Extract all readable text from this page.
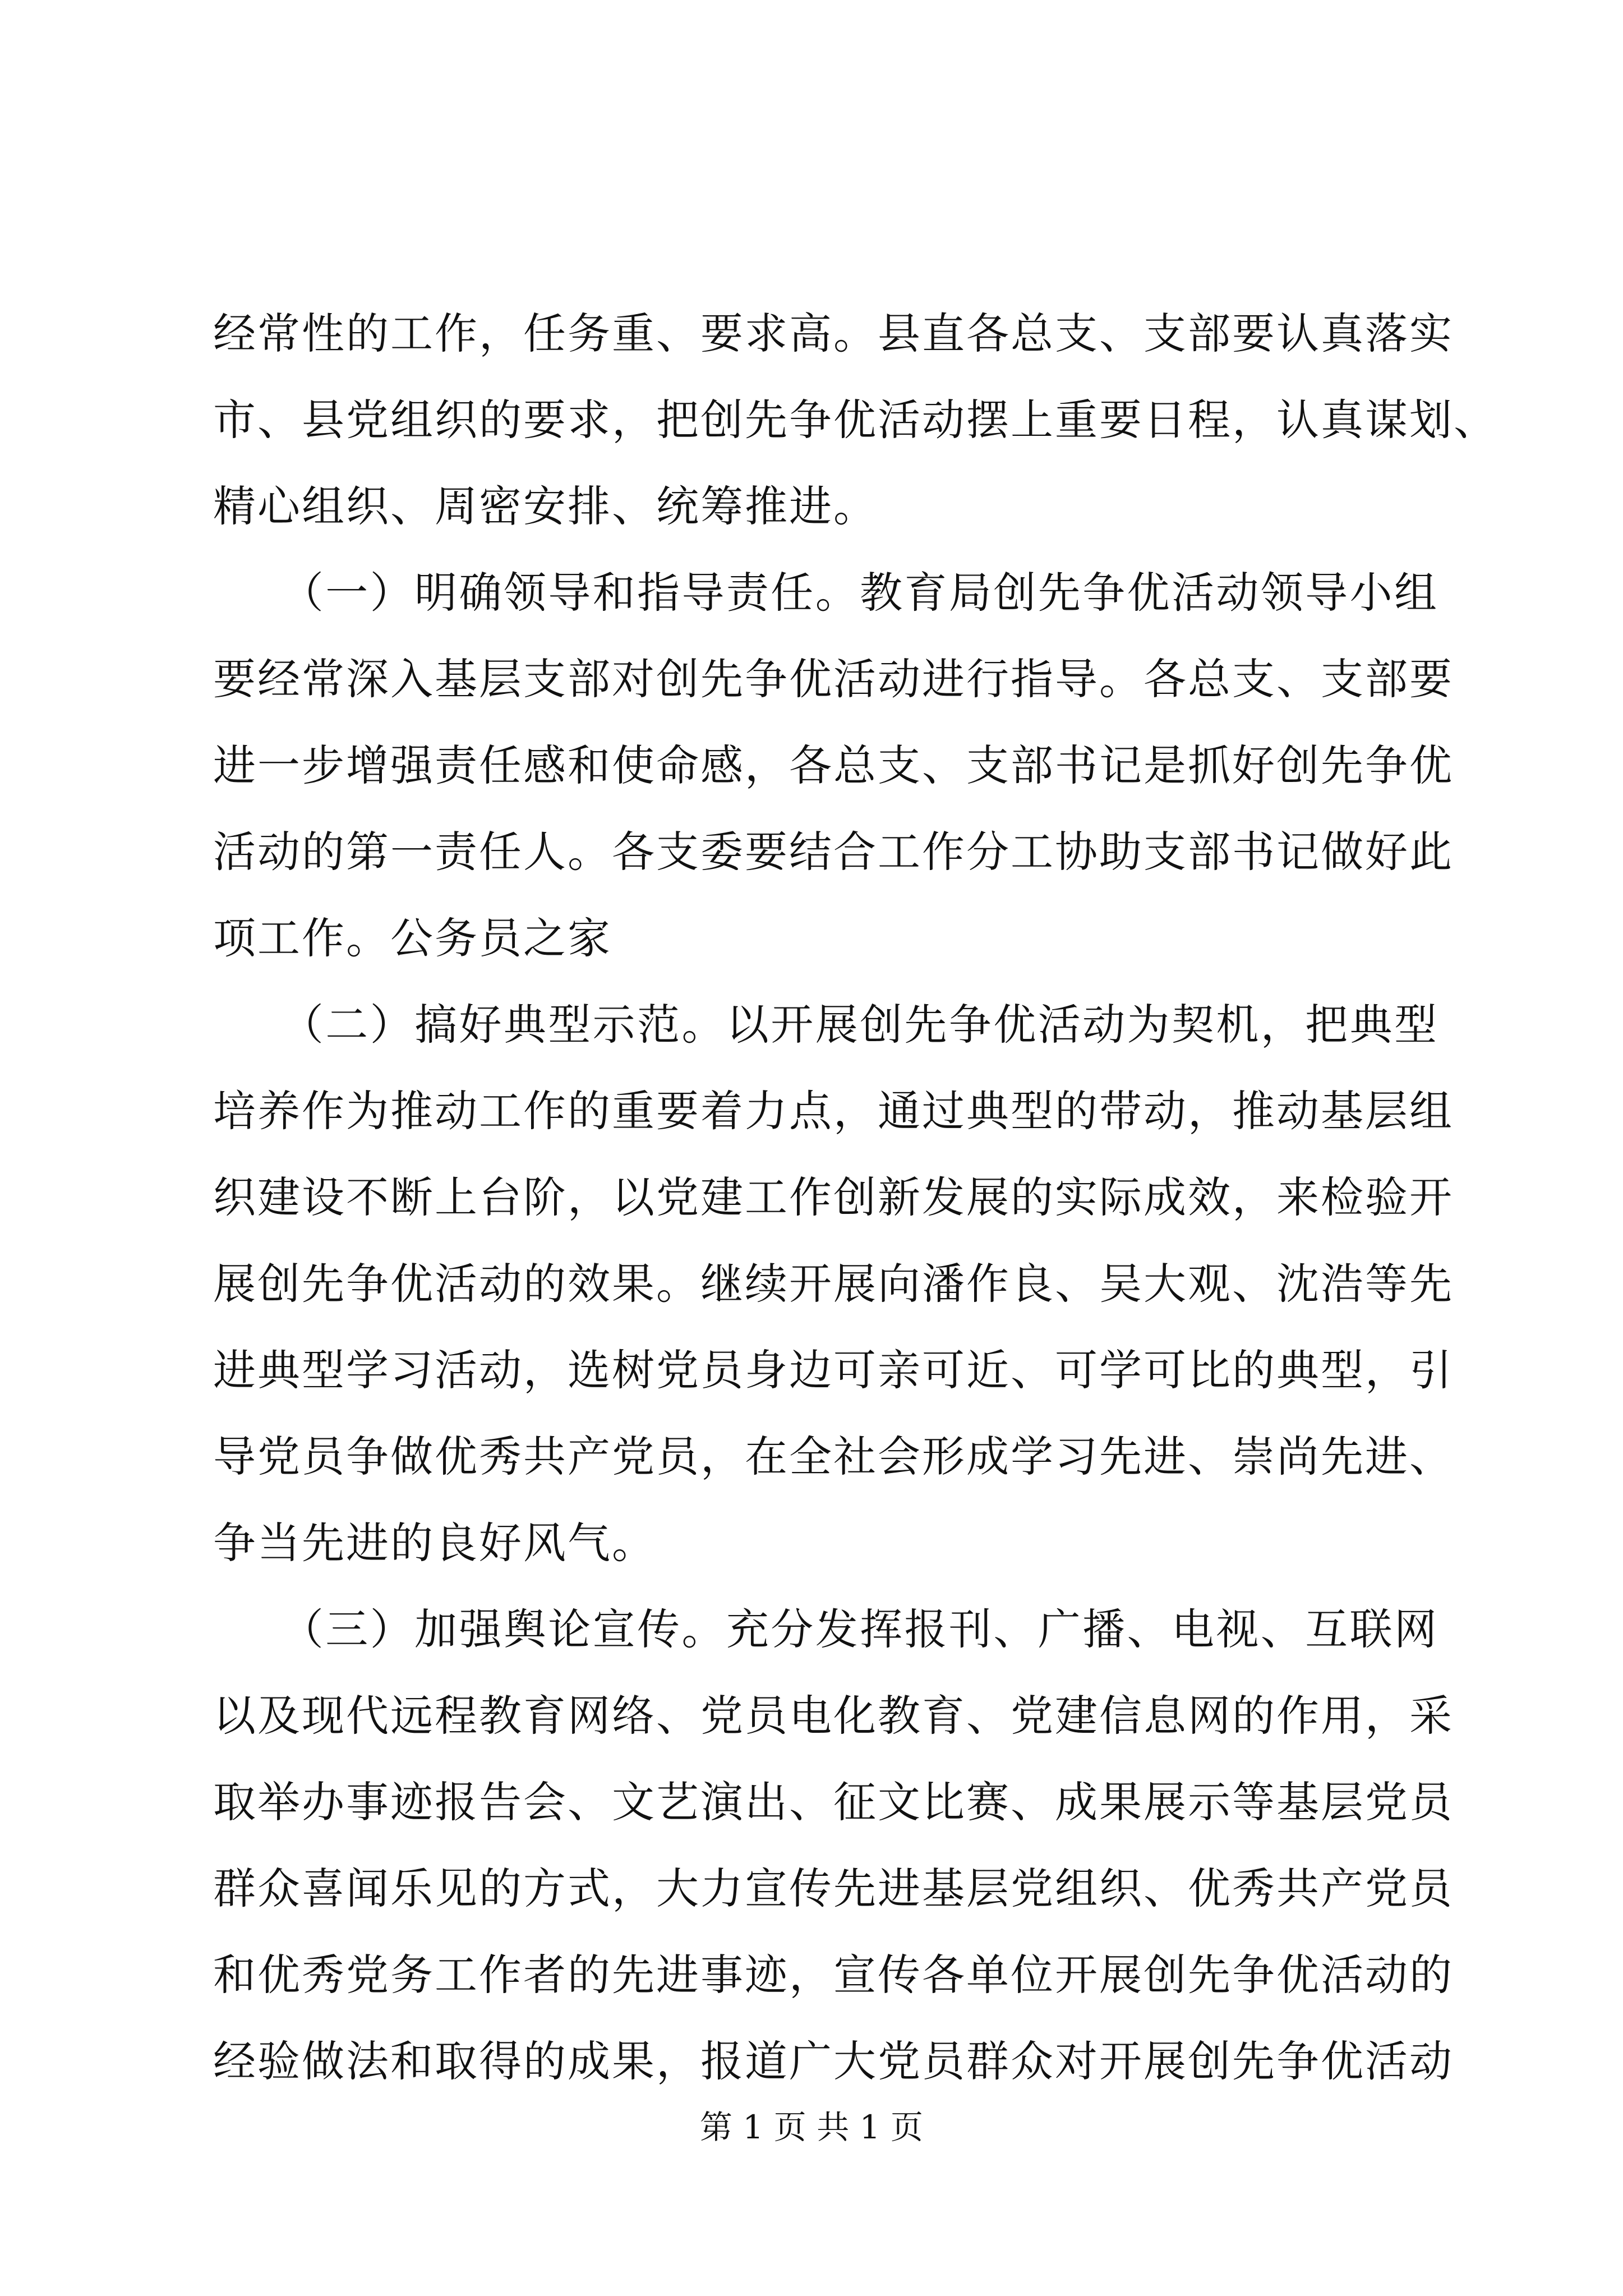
经常性的工作，任务重、要求高。县直各总支、支部要认真落实
市、县党组织的要求，把创先争优活动摆上重要日程，认真谋划、
精心组织、周密安排、统筹推进。
　　（一）明确领导和指导责任。教育局创先争优活动领导小组
要经常深入基层支部对创先争优活动进行指导。各总支、支部要
进一步增强责任感和使命感，各总支、支部书记是抓好创先争优
活动的第一责任人。各支委要结合工作分工协助支部书记做好此
项工作。公务员之家
　　（二）搞好典型示范。以开展创先争优活动为契机，把典型
培养作为推动工作的重要着力点，通过典型的带动，推动基层组
织建设不断上台阶，以党建工作创新发展的实际成效，来检验开
展创先争优活动的效果。继续开展向潘作良、吴大观、沈浩等先
进典型学习活动，选树党员身边可亲可近、可学可比的典型，引
导党员争做优秀共产党员，在全社会形成学习先进、崇尚先进、
争当先进的良好风气。
　　（三）加强舆论宣传。充分发挥报刊、广播、电视、互联网
以及现代远程教育网络、党员电化教育、党建信息网的作用，采
取举办事迹报告会、文艺演出、征文比赛、成果展示等基层党员
群众喜闻乐见的方式，大力宣传先进基层党组织、优秀共产党员
和优秀党务工作者的先进事迹，宣传各单位开展创先争优活动的
经验做法和取得的成果，报道广大党员群众对开展创先争优活动
第 1 页 共 1 页
